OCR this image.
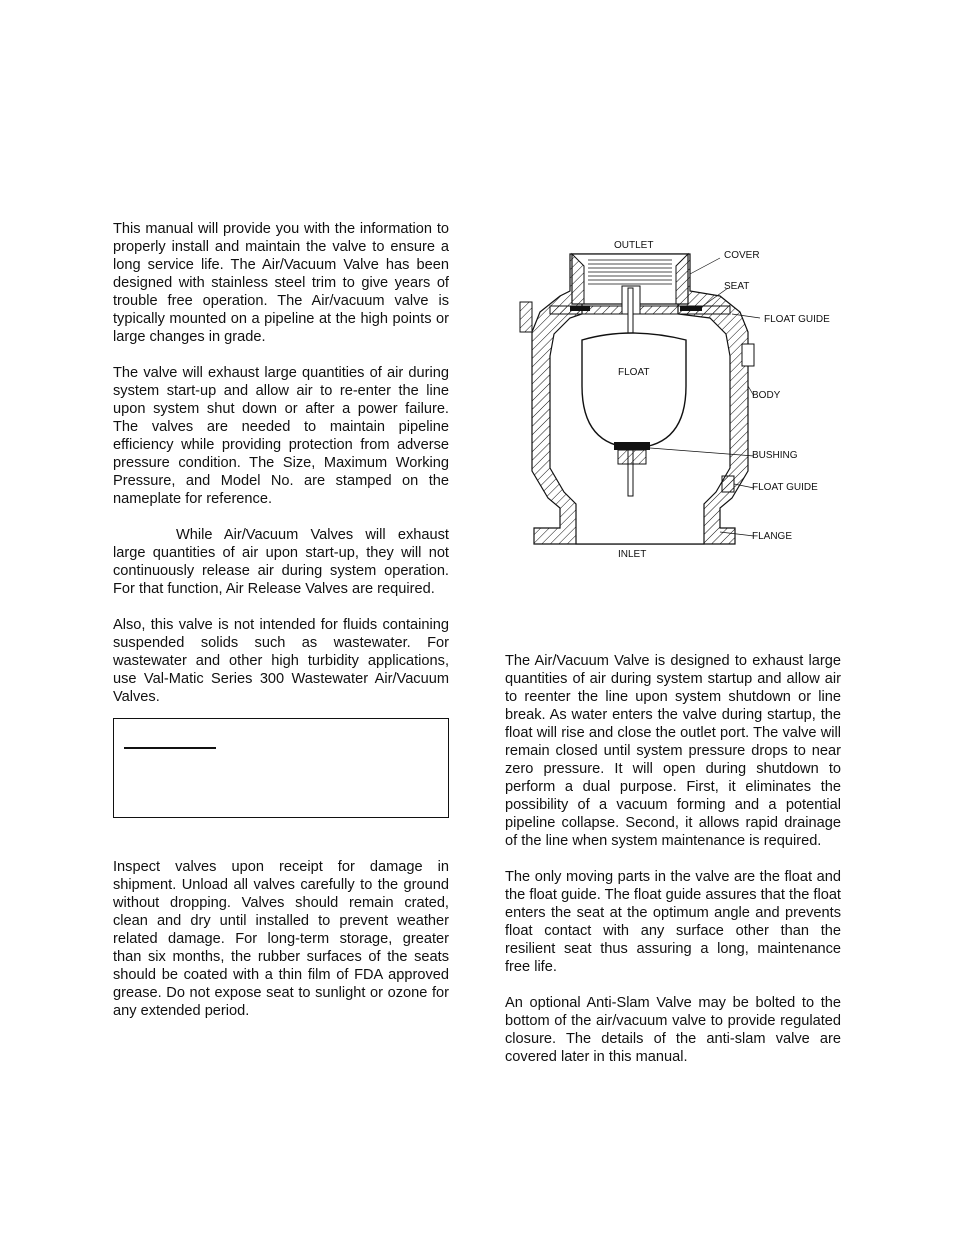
This manual will provide you with the information to properly install and maintain the valve to ensure a long service life. The Air/Vacuum Valve has been designed with stainless steel trim to give years of trouble free operation. The Air/vacuum valve is typically mounted on a pipeline at the high points or large changes in grade.

The valve will exhaust large quantities of air during system start-up and allow air to re-enter the line upon system shut down or after a power failure. The valves are needed to maintain pipeline efficiency while providing protection from adverse pressure condition. The Size, Maximum Working Pressure, and Model No. are stamped on the nameplate for reference.

While Air/Vacuum Valves will exhaust large quantities of air upon start-up, they will not continuously release air during system operation. For that function, Air Release Valves are required.

Also, this valve is not intended for fluids containing suspended solids such as wastewater. For wastewater and other high turbidity applications, use Val-Matic Series 300 Wastewater Air/Vacuum Valves.

Inspect valves upon receipt for damage in shipment. Unload all valves carefully to the ground without dropping. Valves should remain crated, clean and dry until installed to prevent weather related damage. For long-term storage, greater than six months, the rubber surfaces of the seats should be coated with a thin film of FDA approved grease. Do not expose seat to sunlight or ozone for any extended period.

OUTLET
COVER
SEAT
FLOAT GUIDE
FLOAT
BODY
BUSHING
FLOAT GUIDE
FLANGE
INLET

The Air/Vacuum Valve is designed to exhaust large quantities of air during system startup and allow air to reenter the line upon system shutdown or line break. As water enters the valve during startup, the float will rise and close the outlet port. The valve will remain closed until system pressure drops to near zero pressure. It will open during shutdown to perform a dual purpose. First, it eliminates the possibility of a vacuum forming and a potential pipeline collapse. Second, it allows rapid drainage of the line when system maintenance is required.

The only moving parts in the valve are the float and the float guide. The float guide assures that the float enters the seat at the optimum angle and prevents float contact with any surface other than the resilient seat thus assuring a long, maintenance free life.

An optional Anti-Slam Valve may be bolted to the bottom of the air/vacuum valve to provide regulated closure. The details of the anti-slam valve are covered later in this manual.
